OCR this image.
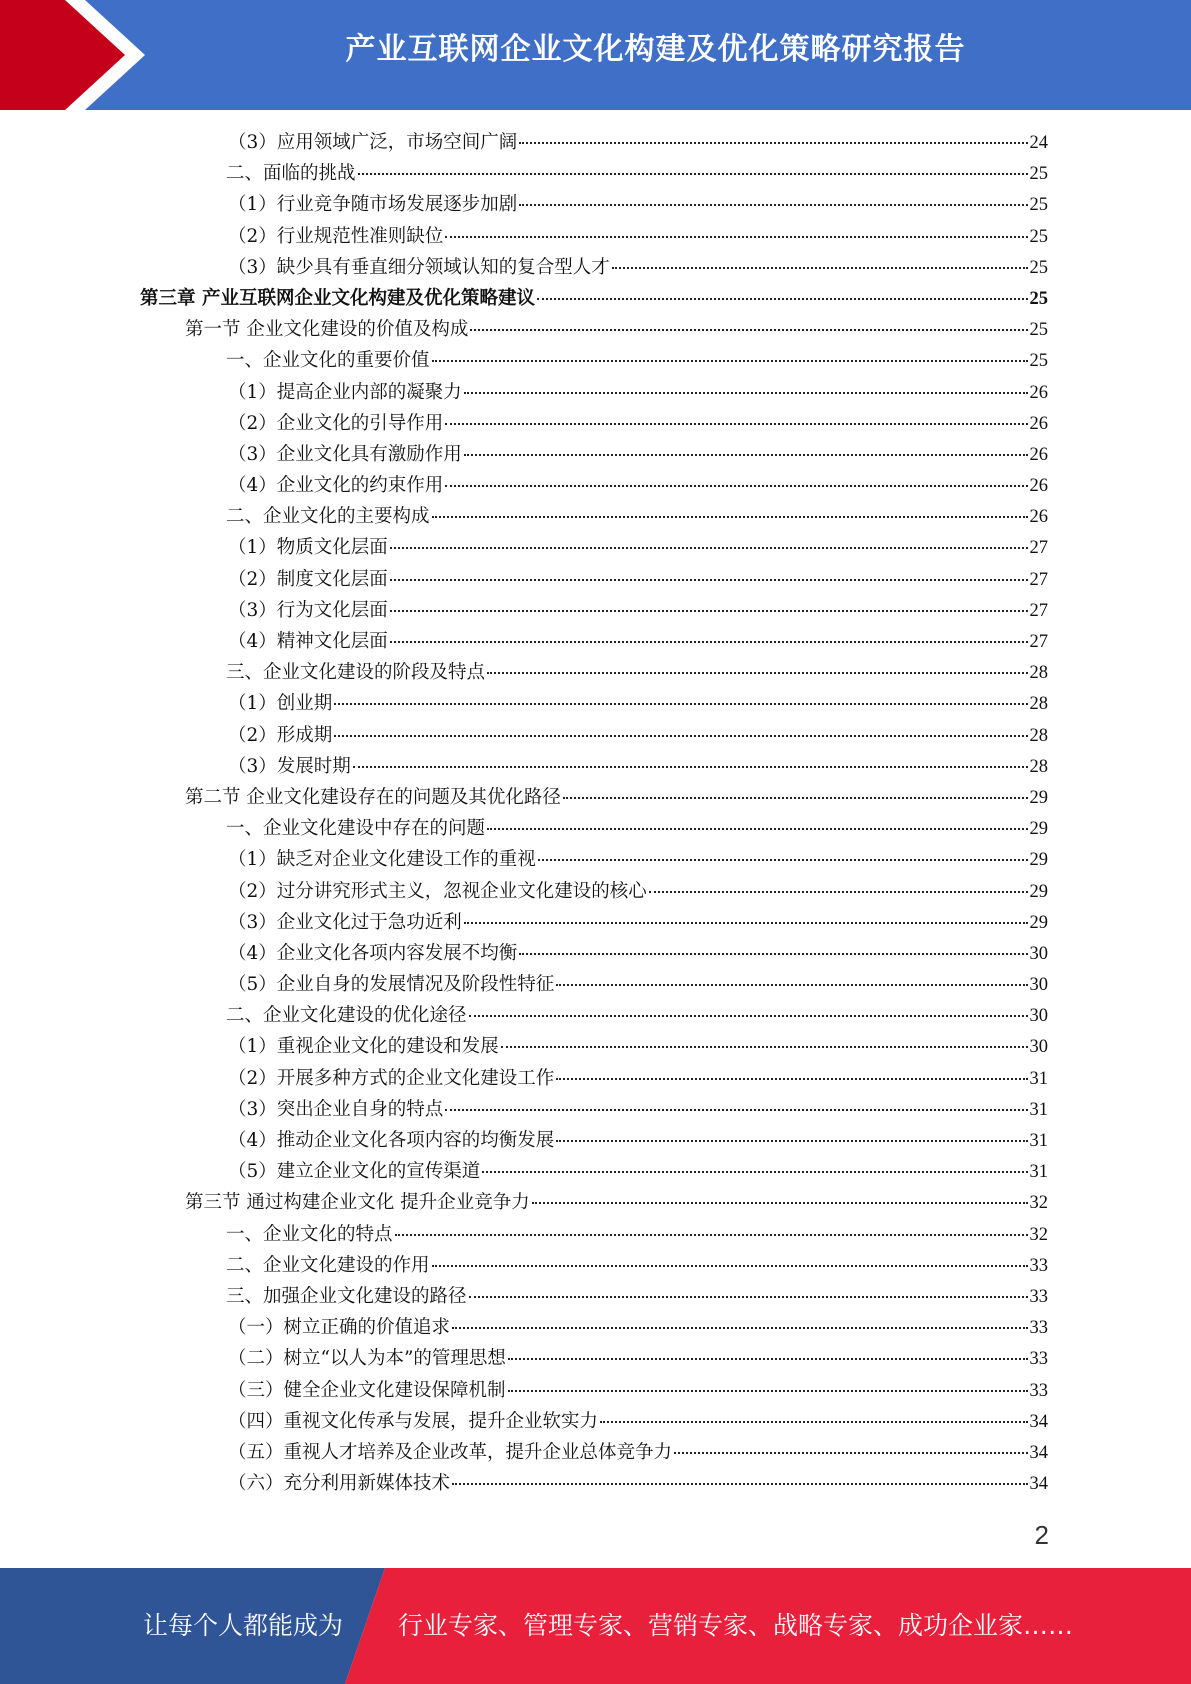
产业互联网企业文化构建及优化策略研究报告
（3）应用领域广泛，市场空间广阔	24
二、面临的挑战	25
（1）行业竞争随市场发展逐步加剧	25
（2）行业规范性准则缺位	25
（3）缺少具有垂直细分领域认知的复合型人才	25
第三章 产业互联网企业文化构建及优化策略建议	25
第一节 企业文化建设的价值及构成	25
一、企业文化的重要价值	25
（1）提高企业内部的凝聚力	26
（2）企业文化的引导作用	26
（3）企业文化具有激励作用	26
（4）企业文化的约束作用	26
二、企业文化的主要构成	26
（1）物质文化层面	27
（2）制度文化层面	27
（3）行为文化层面	27
（4）精神文化层面	27
三、企业文化建设的阶段及特点	28
（1）创业期	28
（2）形成期	28
（3）发展时期	28
第二节 企业文化建设存在的问题及其优化路径	29
一、企业文化建设中存在的问题	29
（1）缺乏对企业文化建设工作的重视	29
（2）过分讲究形式主义，忽视企业文化建设的核心	29
（3）企业文化过于急功近利	29
（4）企业文化各项内容发展不均衡	30
（5）企业自身的发展情况及阶段性特征	30
二、企业文化建设的优化途径	30
（1）重视企业文化的建设和发展	30
（2）开展多种方式的企业文化建设工作	31
（3）突出企业自身的特点	31
（4）推动企业文化各项内容的均衡发展	31
（5）建立企业文化的宣传渠道	31
第三节 通过构建企业文化 提升企业竞争力	32
一、企业文化的特点	32
二、企业文化建设的作用	33
三、加强企业文化建设的路径	33
（一）树立正确的价值追求	33
（二）树立“以人为本”的管理思想	33
（三）健全企业文化建设保障机制	33
（四）重视文化传承与发展，提升企业软实力	34
（五）重视人才培养及企业改革，提升企业总体竞争力	34
（六）充分利用新媒体技术	34
2
让每个人都能成为 行业专家、管理专家、营销专家、战略专家、成功企业家……
